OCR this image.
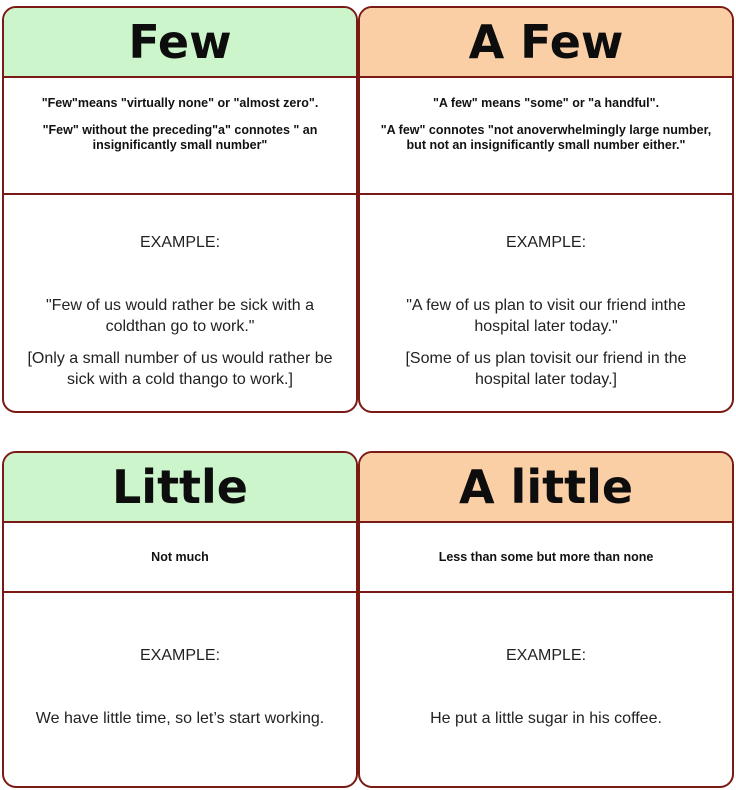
Few

"Few"means "virtually none" or "almost zero".

"Few" without the preceding"a" connotes " an insignificantly small number"

EXAMPLE:

"Few of us would rather be sick with a coldthan go to work."

[Only a small number of us would rather be sick with a cold thango to work.]

A Few

"A few" means "some" or "a handful".

"A few" connotes "not anoverwhelmingly large number, but not an insignificantly small number either."

EXAMPLE:

"A few of us plan to visit our friend inthe hospital later today."

[Some of us plan tovisit our friend in the hospital later today.]

Little

Not much

EXAMPLE:

We have little time, so let’s start working.

A little

Less than some but more than none

EXAMPLE:

He put a little sugar in his coffee.
